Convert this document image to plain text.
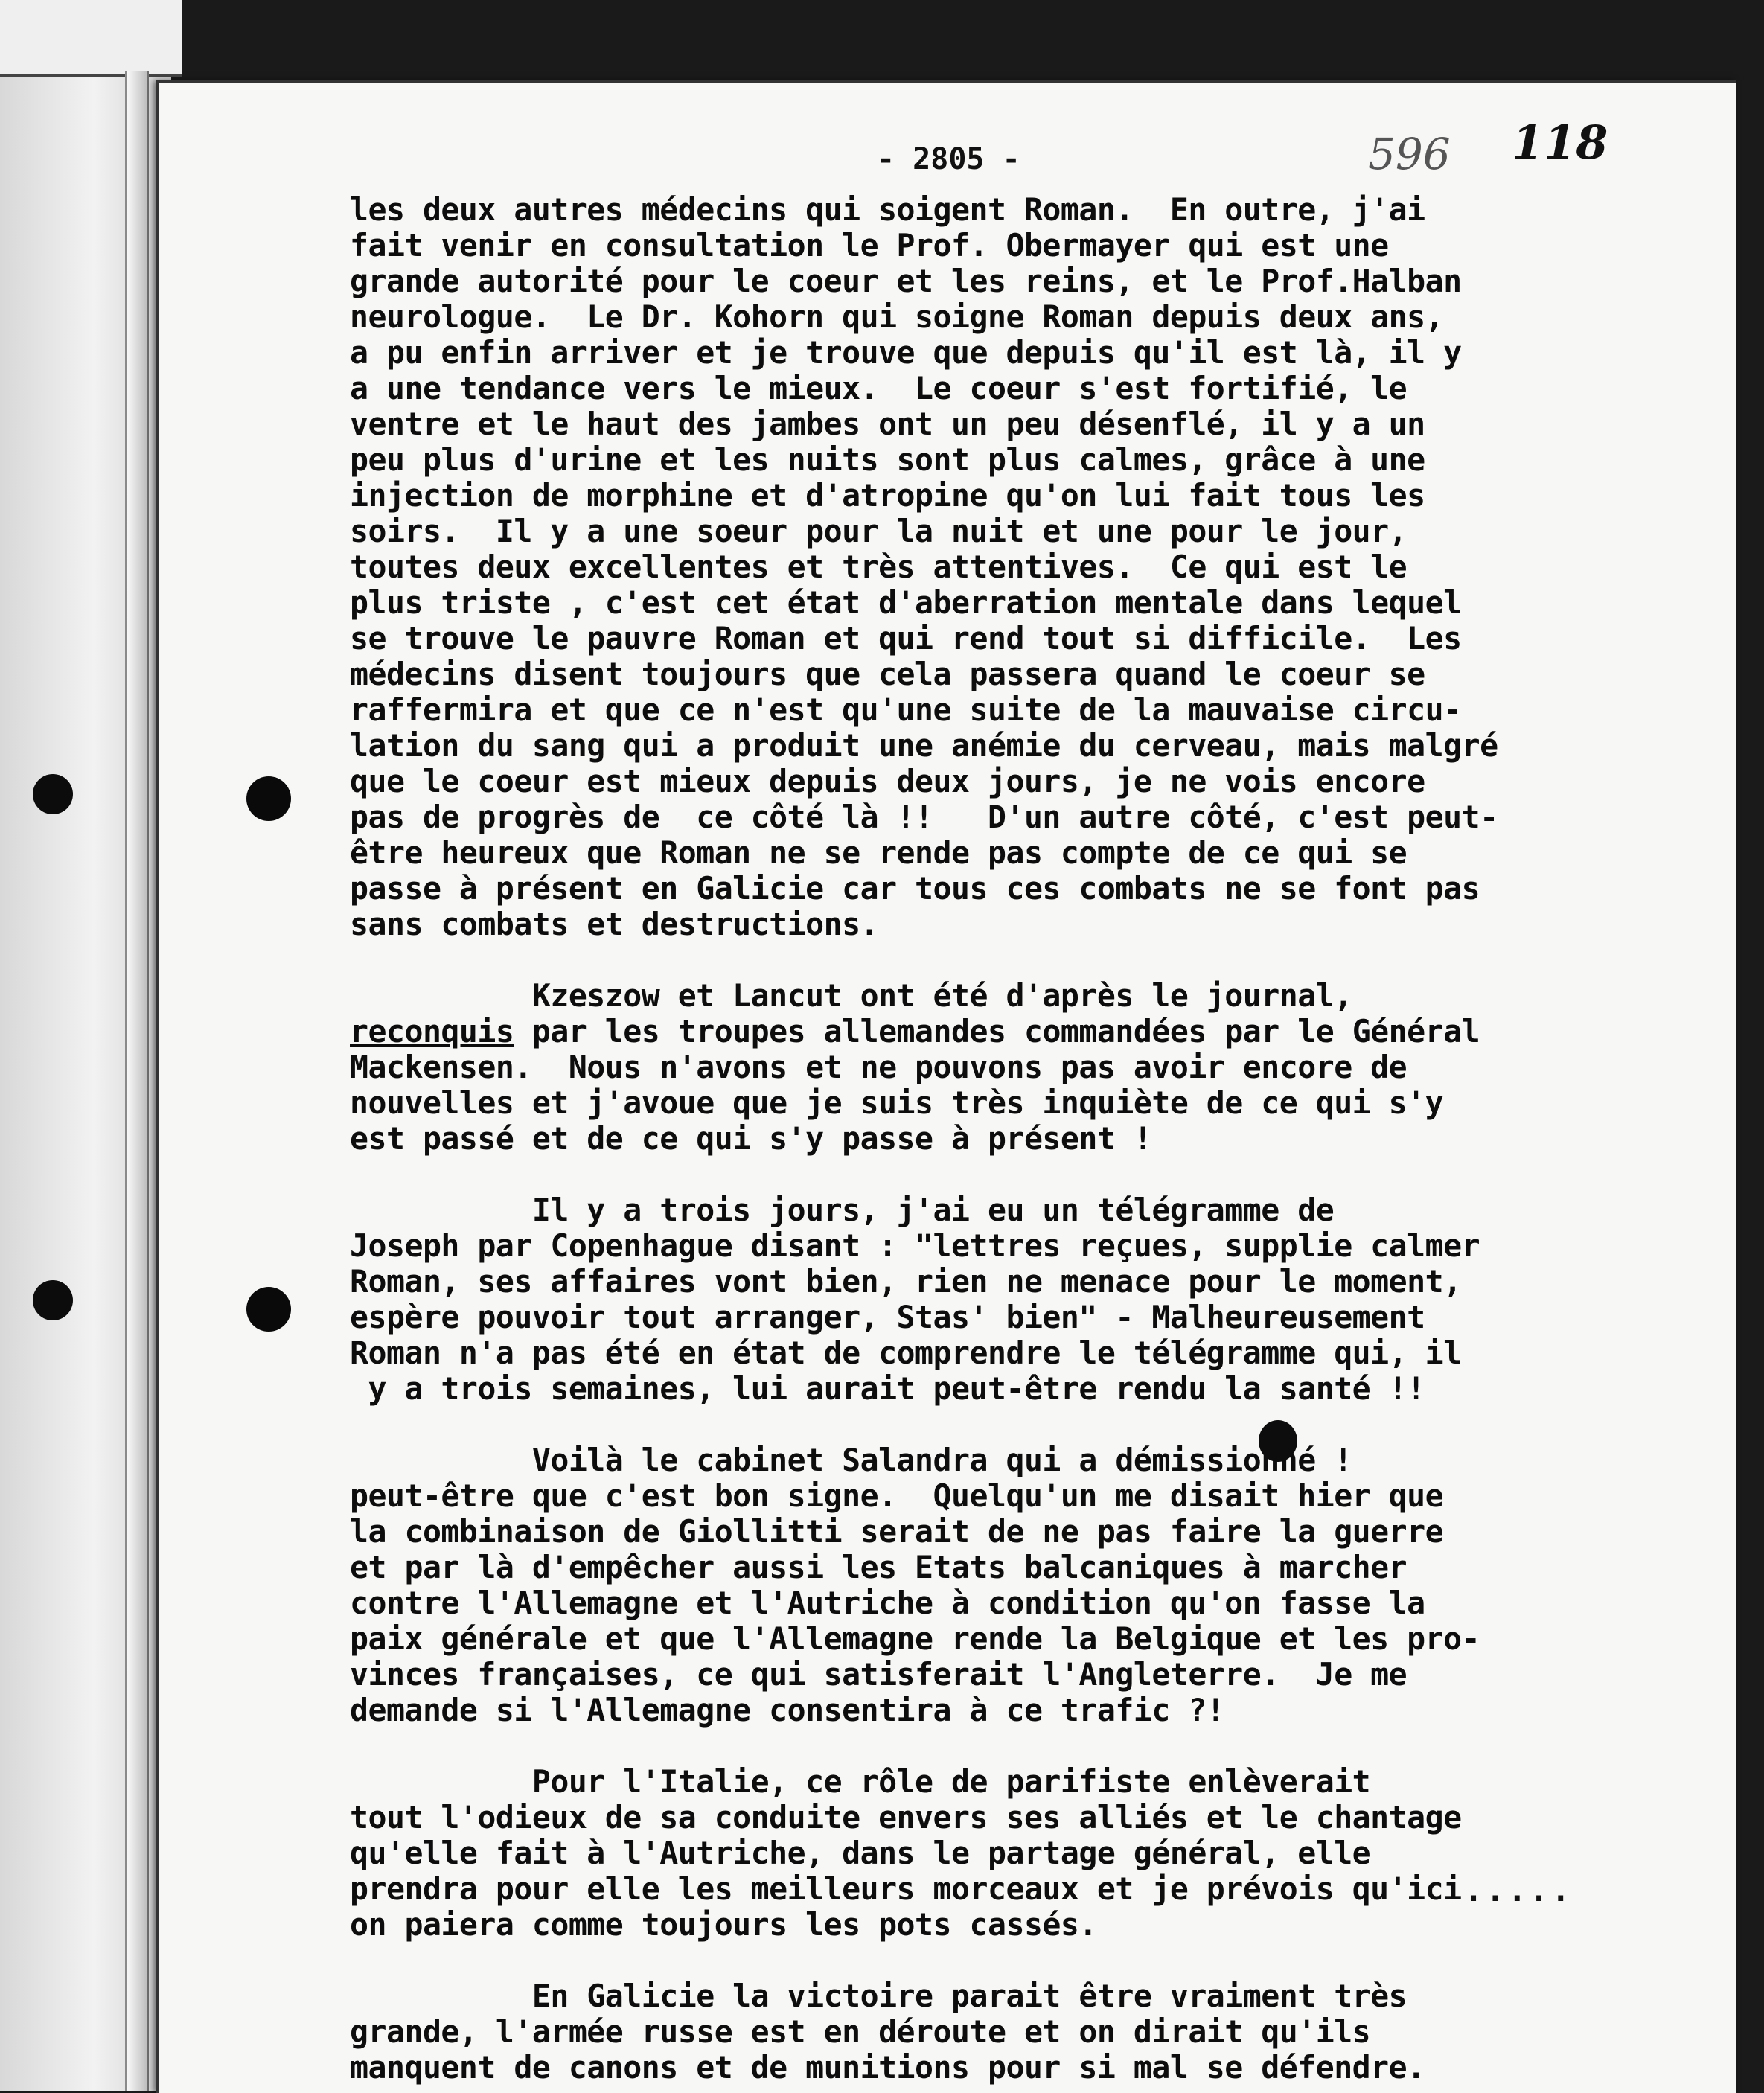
- 2805 -	596 118
.....
les deux autres médecins qui soigent Roman.  En outre, j'ai
fait venir en consultation le Prof. Obermayer qui est une
grande autorité pour le coeur et les reins, et le Prof.Halban
neurologue.  Le Dr. Kohorn qui soigne Roman depuis deux ans,
a pu enfin arriver et je trouve que depuis qu'il est là, il y
a une tendance vers le mieux.  Le coeur s'est fortifié, le
ventre et le haut des jambes ont un peu désenflé, il y a un
peu plus d'urine et les nuits sont plus calmes, grâce à une
injection de morphine et d'atropine qu'on lui fait tous les
soirs.  Il y a une soeur pour la nuit et une pour le jour,
toutes deux excellentes et très attentives.  Ce qui est le
plus triste , c'est cet état d'aberration mentale dans lequel
se trouve le pauvre Roman et qui rend tout si difficile.  Les
médecins disent toujours que cela passera quand le coeur se
raffermira et que ce n'est qu'une suite de la mauvaise circu-
lation du sang qui a produit une anémie du cerveau, mais malgré
que le coeur est mieux depuis deux jours, je ne vois encore
pas de progrès de  ce côté là !!   D'un autre côté, c'est peut-
être heureux que Roman ne se rende pas compte de ce qui se
passe à présent en Galicie car tous ces combats ne se font pas
sans combats et destructions.
Kzeszow et Lancut ont été d'après le journal,
reconquis par les troupes allemandes commandées par le Général
Mackensen.  Nous n'avons et ne pouvons pas avoir encore de
nouvelles et j'avoue que je suis très inquiète de ce qui s'y
est passé et de ce qui s'y passe à présent !
Il y a trois jours, j'ai eu un télégramme de
Joseph par Copenhague disant : "lettres reçues, supplie calmer
Roman, ses affaires vont bien, rien ne menace pour le moment,
espère pouvoir tout arranger, Stas' bien" - Malheureusement
Roman n'a pas été en état de comprendre le télégramme qui, il
y a trois semaines, lui aurait peut-être rendu la santé !!
Voilà le cabinet Salandra qui a démissionné !
peut-être que c'est bon signe.  Quelqu'un me disait hier que
la combinaison de Giollitti serait de ne pas faire la guerre
et par là d'empêcher aussi les Etats balcaniques à marcher
contre l'Allemagne et l'Autriche à condition qu'on fasse la
paix générale et que l'Allemagne rende la Belgique et les pro-
vinces françaises, ce qui satisferait l'Angleterre.  Je me
demande si l'Allemagne consentira à ce trafic ?!
Pour l'Italie, ce rôle de parifiste enlèverait
tout l'odieux de sa conduite envers ses alliés et le chantage
qu'elle fait à l'Autriche, dans le partage général, elle
prendra pour elle les meilleurs morceaux et je prévois qu'ici
on paiera comme toujours les pots cassés.
En Galicie la victoire parait être vraiment très
grande, l'armée russe est en déroute et on dirait qu'ils
manquent de canons et de munitions pour si mal se défendre.
